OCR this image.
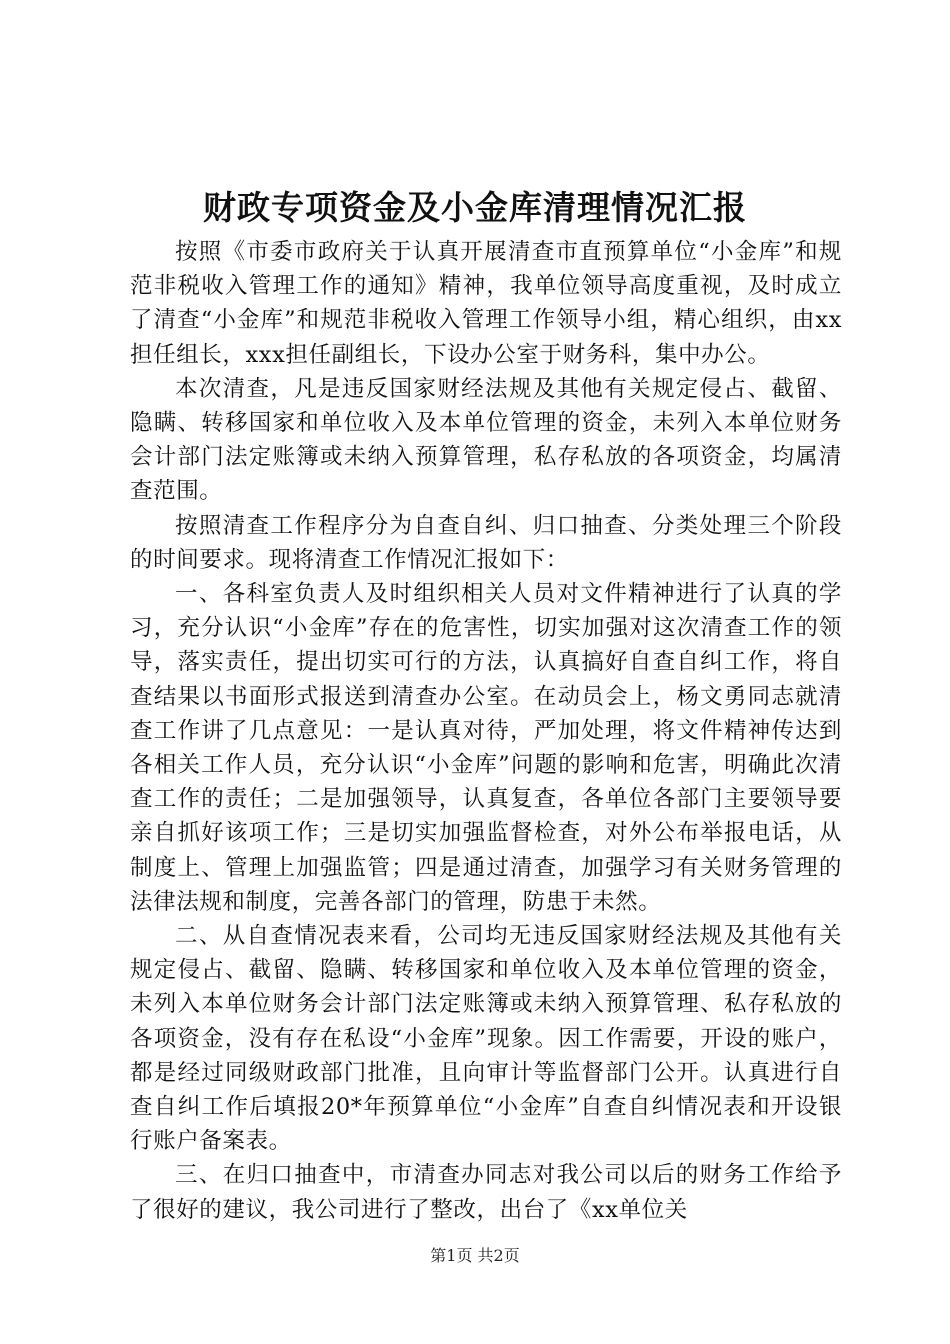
财政专项资金及小金库清理情况汇报

按照《市委市政府关于认真开展清查市直预算单位“小金库”和规范非税收入管理工作的通知》精神，我单位领导高度重视，及时成立了清查“小金库”和规范非税收入管理工作领导小组，精心组织，由xx担任组长，xxx担任副组长，下设办公室于财务科，集中办公。

本次清查，凡是违反国家财经法规及其他有关规定侵占、截留、隐瞒、转移国家和单位收入及本单位管理的资金，未列入本单位财务会计部门法定账簿或未纳入预算管理，私存私放的各项资金，均属清查范围。

按照清查工作程序分为自查自纠、归口抽查、分类处理三个阶段的时间要求。现将清查工作情况汇报如下：

一、各科室负责人及时组织相关人员对文件精神进行了认真的学习，充分认识“小金库”存在的危害性，切实加强对这次清查工作的领导，落实责任，提出切实可行的方法，认真搞好自查自纠工作，将自查结果以书面形式报送到清查办公室。在动员会上，杨文勇同志就清查工作讲了几点意见：一是认真对待，严加处理，将文件精神传达到各相关工作人员，充分认识“小金库”问题的影响和危害，明确此次清查工作的责任；二是加强领导，认真复查，各单位各部门主要领导要亲自抓好该项工作；三是切实加强监督检查，对外公布举报电话，从制度上、管理上加强监管；四是通过清查，加强学习有关财务管理的法律法规和制度，完善各部门的管理，防患于未然。

二、从自查情况表来看，公司均无违反国家财经法规及其他有关规定侵占、截留、隐瞒、转移国家和单位收入及本单位管理的资金，未列入本单位财务会计部门法定账簿或未纳入预算管理、私存私放的各项资金，没有存在私设“小金库”现象。因工作需要，开设的账户，都是经过同级财政部门批准，且向审计等监督部门公开。认真进行自查自纠工作后填报20*年预算单位“小金库”自查自纠情况表和开设银行账户备案表。

三、在归口抽查中，市清查办同志对我公司以后的财务工作给予了很好的建议，我公司进行了整改，出台了《xx单位关

第1页 共2页
